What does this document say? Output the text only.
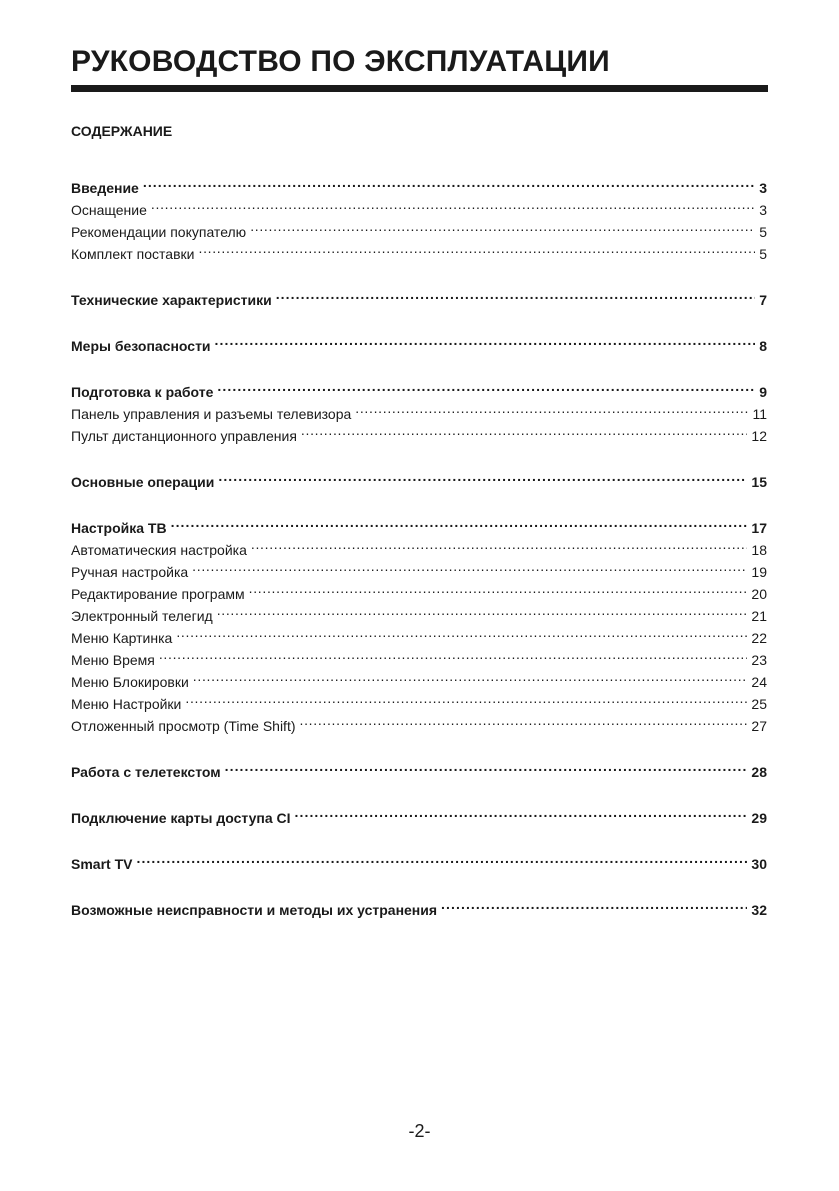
РУКОВОДСТВО ПО ЭКСПЛУАТАЦИИ
СОДЕРЖАНИЕ
Введение . . .	3
Оснащение . . .	3
Рекомендации покупателю . . .	5
Комплект поставки . . .	5
Технические характеристики . . .	7
Меры безопасности . . .	8
Подготовка к работе . . .	9
Панель управления и разъемы телевизора . . .	11
Пульт дистанционного управления . . .	12
Основные операции . . .	15
Настройка ТВ . . .	17
Автоматическия настройка . . .	18
Ручная настройка . . .	19
Редактирование программ . . .	20
Электронный телегид . . .	21
Меню Картинка . . .	22
Меню Время . . .	23
Меню Блокировки . . .	24
Меню Настройки . . .	25
Отложенный просмотр (Time Shift) . . .	27
Работа с телетекстом . . .	28
Подключение карты доступа CI . . .	29
Smart TV . . .	30
Возможные неисправности и методы их устранения . . .	32
-2-
